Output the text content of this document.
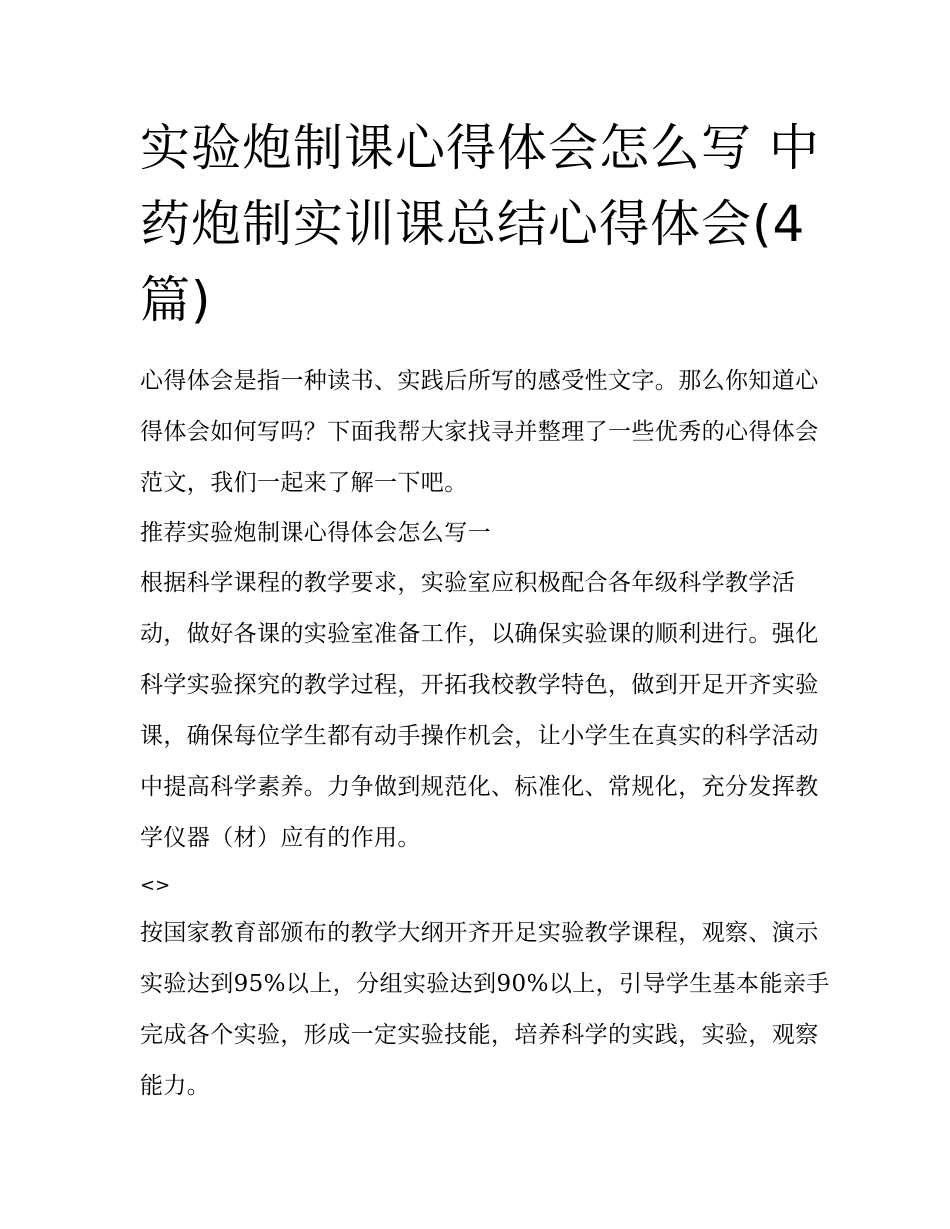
实验炮制课心得体会怎么写 中药炮制实训课总结心得体会(4篇)

心得体会是指一种读书、实践后所写的感受性文字。那么你知道心得体会如何写吗？下面我帮大家找寻并整理了一些优秀的心得体会范文，我们一起来了解一下吧。

推荐实验炮制课心得体会怎么写一

根据科学课程的教学要求，实验室应积极配合各年级科学教学活动，做好各课的实验室准备工作，以确保实验课的顺利进行。强化科学实验探究的教学过程，开拓我校教学特色，做到开足开齐实验课，确保每位学生都有动手操作机会，让小学生在真实的科学活动中提高科学素养。力争做到规范化、标准化、常规化，充分发挥教学仪器（材）应有的作用。

<>

按国家教育部颁布的教学大纲开齐开足实验教学课程，观察、演示实验达到95%以上，分组实验达到90%以上，引导学生基本能亲手完成各个实验，形成一定实验技能，培养科学的实践，实验，观察能力。
